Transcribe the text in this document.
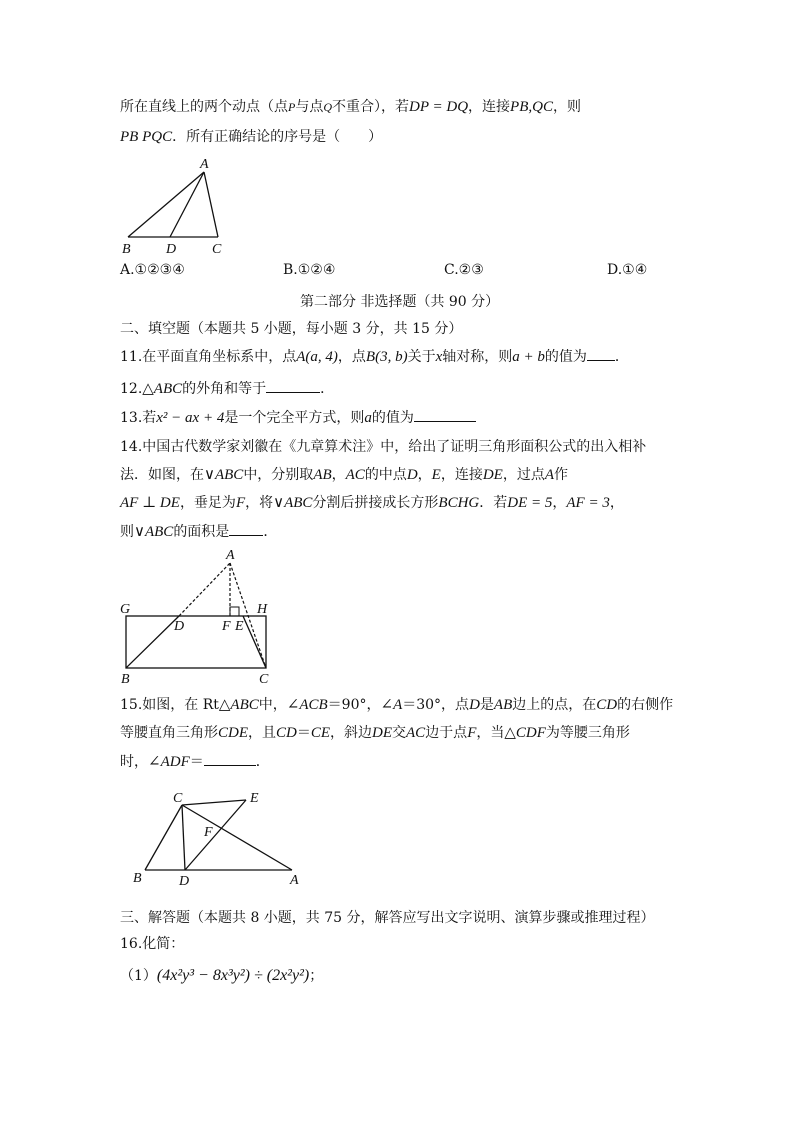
所在直线上的两个动点（点P与点Q不重合），若DP = DQ，连接PB,QC，则
PB PQC．所有正确结论的序号是（　　）
A
B	D	C
A.①②③④	B.①②④	C.②③	D.①④
第二部分 非选择题（共 90 分）
二、填空题（本题共 5 小题，每小题 3 分，共 15 分）
11.在平面直角坐标系中，点A(a, 4)，点B(3, b)关于x轴对称，则a + b的值为 ．
12.△ABC的外角和等于	．
13.若x² − ax + 4是一个完全平方式，则a的值为
14.中国古代数学家刘徽在《九章算术注》中，给出了证明三角形面积公式的出入相补
法．如图，在∨ABC中，分别取AB，AC的中点D，E，连接DE，过点A作
AF ⊥ DE，垂足为F，将∨ABC分割后拼接成长方形BCHG．若DE = 5，AF = 3，
则∨ABC的面积是 ．
A
G	H
D	F E
B	C
15.如图，在 Rt△ABC中，∠ACB＝90°，∠A＝30°，点D是AB边上的点，在CD的右侧作
等腰直角三角形CDE，且CD＝CE，斜边DE交AC边于点F，当△CDF为等腰三角形
时，∠ADF＝	．
C	E
F
B	D	A
三、解答题（本题共 8 小题，共 75 分，解答应写出文字说明、演算步骤或推理过程）
16.化简：
（1）(4x²y³ − 8x³y²) ÷ (2x²y²)；
